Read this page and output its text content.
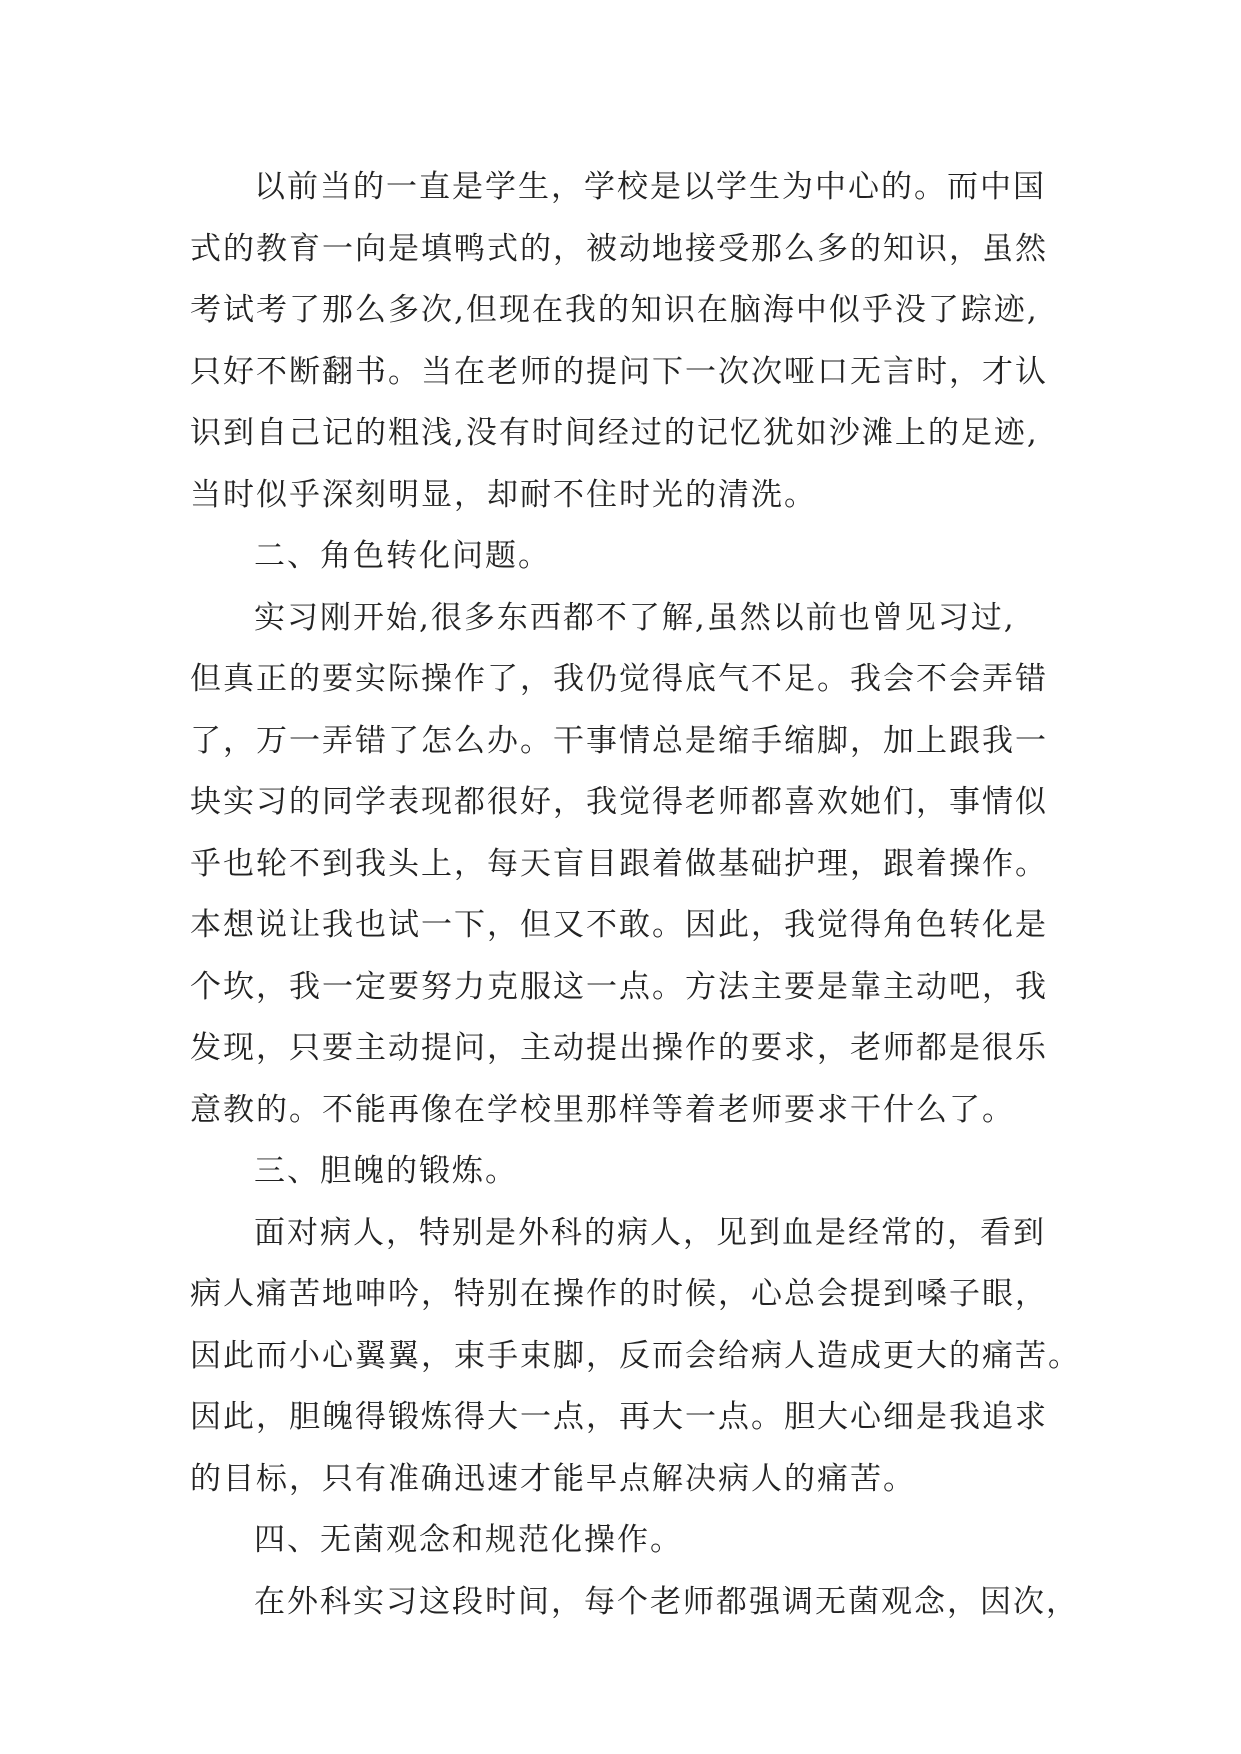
以前当的一直是学生，学校是以学生为中心的。而中国
式的教育一向是填鸭式的，被动地接受那么多的知识，虽然
考试考了那么多次,但现在我的知识在脑海中似乎没了踪迹,
只好不断翻书。当在老师的提问下一次次哑口无言时，才认
识到自己记的粗浅,没有时间经过的记忆犹如沙滩上的足迹,
当时似乎深刻明显，却耐不住时光的清洗。
二、角色转化问题。
实习刚开始,很多东西都不了解,虽然以前也曾见习过,
但真正的要实际操作了，我仍觉得底气不足。我会不会弄错
了，万一弄错了怎么办。干事情总是缩手缩脚，加上跟我一
块实习的同学表现都很好，我觉得老师都喜欢她们，事情似
乎也轮不到我头上，每天盲目跟着做基础护理，跟着操作。
本想说让我也试一下，但又不敢。因此，我觉得角色转化是
个坎，我一定要努力克服这一点。方法主要是靠主动吧，我
发现，只要主动提问，主动提出操作的要求，老师都是很乐
意教的。不能再像在学校里那样等着老师要求干什么了。
三、胆魄的锻炼。
面对病人，特别是外科的病人，见到血是经常的，看到
病人痛苦地呻吟，特别在操作的时候，心总会提到嗓子眼，
因此而小心翼翼，束手束脚，反而会给病人造成更大的痛苦。
因此，胆魄得锻炼得大一点，再大一点。胆大心细是我追求
的目标，只有准确迅速才能早点解决病人的痛苦。
四、无菌观念和规范化操作。
在外科实习这段时间，每个老师都强调无菌观念，因次，
